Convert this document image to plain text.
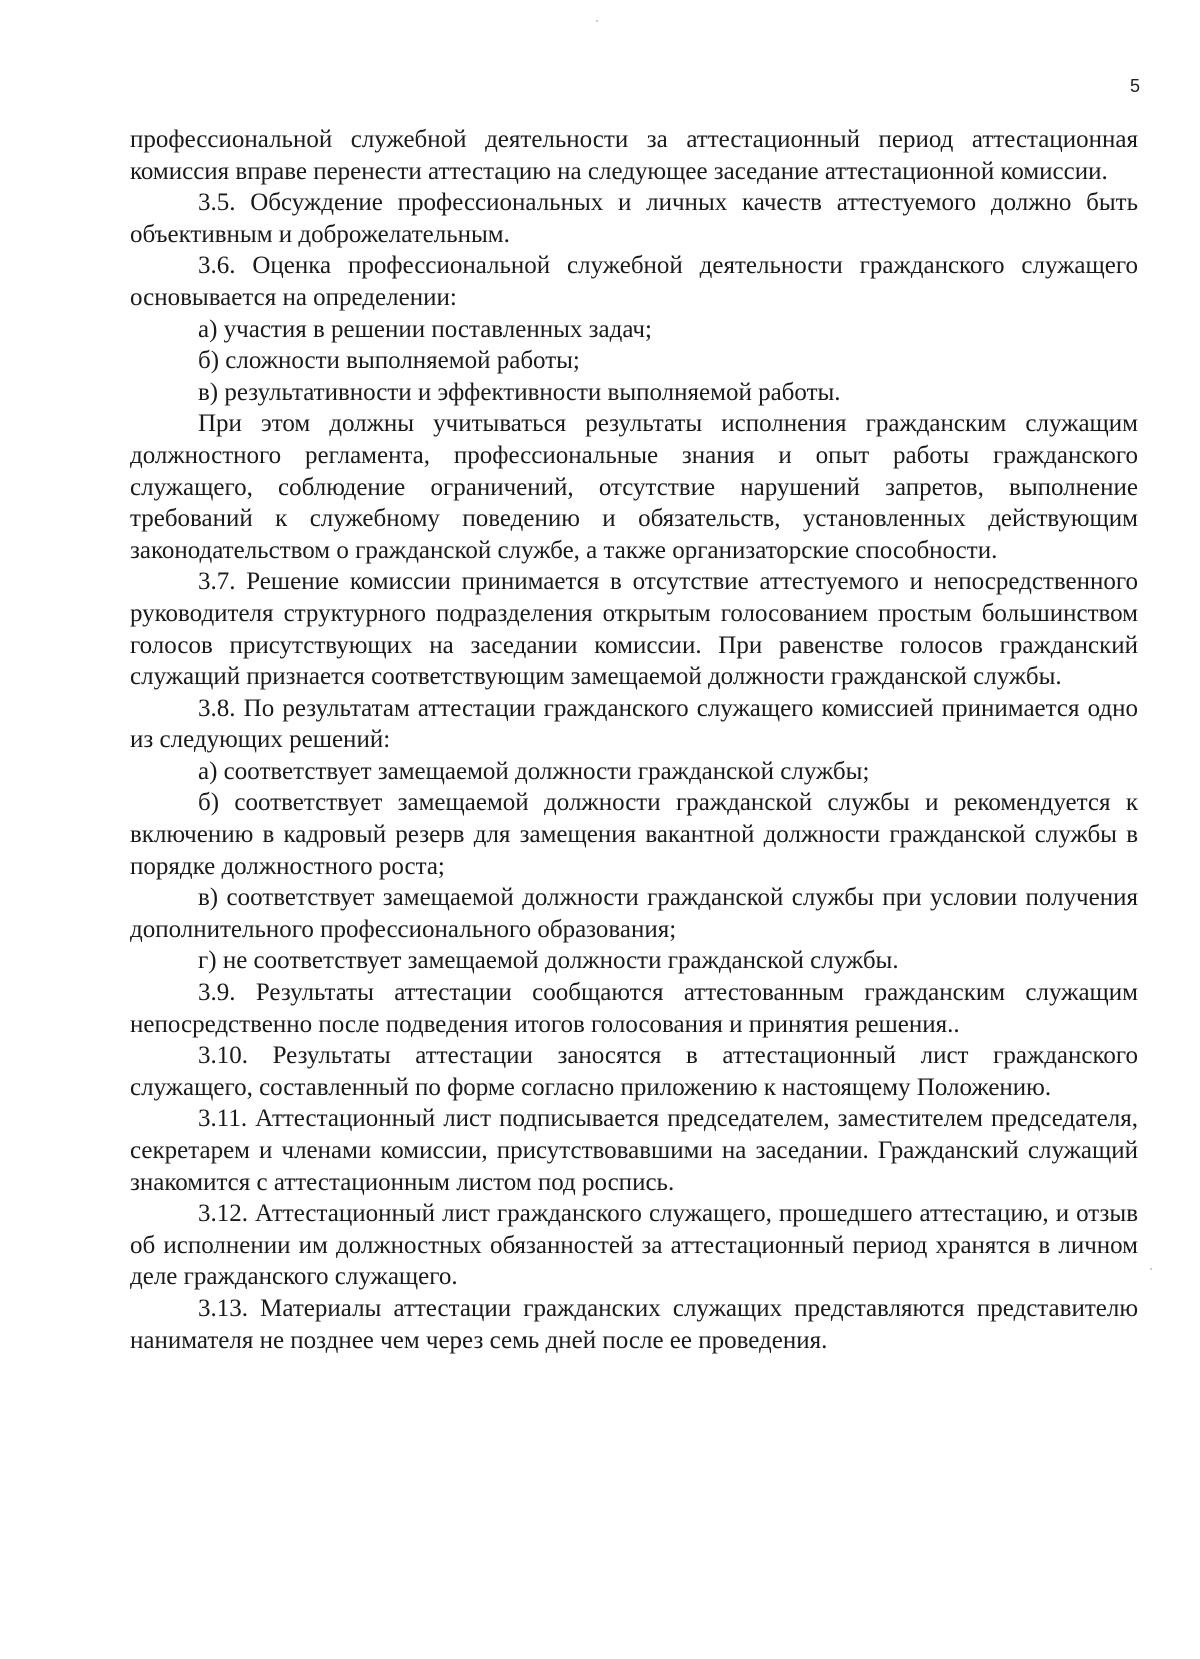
5

профессиональной служебной деятельности за аттестационный период аттестационная комиссия вправе перенести аттестацию на следующее заседание аттестационной комиссии.

3.5. Обсуждение профессиональных и личных качеств аттестуемого должно быть объективным и доброжелательным.

3.6. Оценка профессиональной служебной деятельности гражданского служащего основывается на определении:

а) участия в решении поставленных задач;

б) сложности выполняемой работы;

в) результативности и эффективности выполняемой работы.

При этом должны учитываться результаты исполнения гражданским служащим должностного регламента, профессиональные знания и опыт работы гражданского служащего, соблюдение ограничений, отсутствие нарушений запретов, выполнение требований к служебному поведению и обязательств, установленных действующим законодательством о гражданской службе, а также организаторские способности.

3.7. Решение комиссии принимается в отсутствие аттестуемого и непосредственного руководителя структурного подразделения открытым голосованием простым большинством голосов присутствующих на заседании комиссии. При равенстве голосов гражданский служащий признается соответствующим замещаемой должности гражданской службы.

3.8. По результатам аттестации гражданского служащего комиссией принимается одно из следующих решений:

а) соответствует замещаемой должности гражданской службы;

б) соответствует замещаемой должности гражданской службы и рекомендуется к включению в кадровый резерв для замещения вакантной должности гражданской службы в порядке должностного роста;

в) соответствует замещаемой должности гражданской службы при условии получения дополнительного профессионального образования;

г) не соответствует замещаемой должности гражданской службы.

3.9. Результаты аттестации сообщаются аттестованным гражданским служащим непосредственно после подведения итогов голосования и принятия решения..

3.10. Результаты аттестации заносятся в аттестационный лист гражданского служащего, составленный по форме согласно приложению к настоящему Положению.

3.11. Аттестационный лист подписывается председателем, заместителем председателя, секретарем и членами комиссии, присутствовавшими на заседании. Гражданский служащий знакомится с аттестационным листом под роспись.

3.12. Аттестационный лист гражданского служащего, прошедшего аттестацию, и отзыв об исполнении им должностных обязанностей за аттестационный период хранятся в личном деле гражданского служащего.

3.13. Материалы аттестации гражданских служащих представляются представителю нанимателя не позднее чем через семь дней после ее проведения.
